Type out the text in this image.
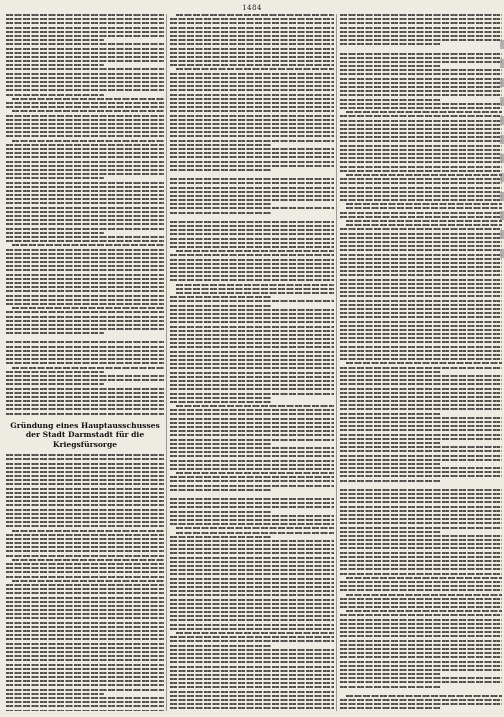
1484
Gründung eines Hauptausschusses der Stadt Darmstadt für die Kriegsfürsorge
